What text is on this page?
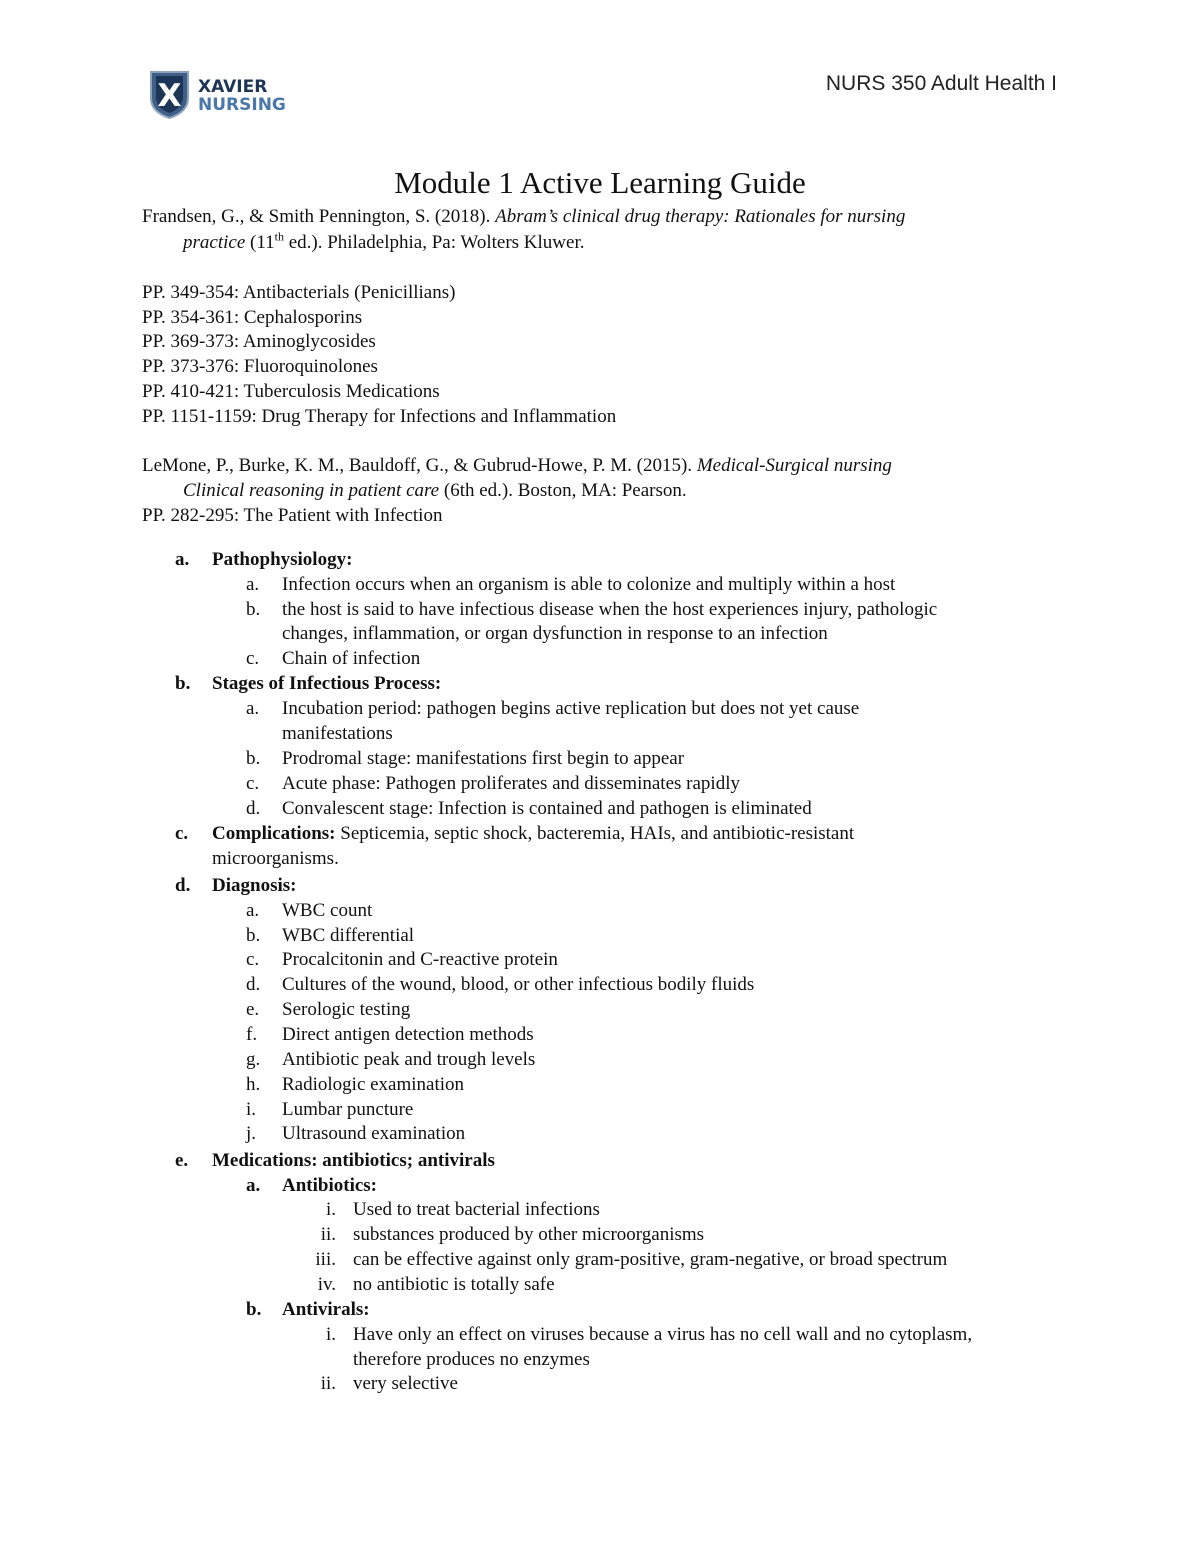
X XAVIER
NURSING
NURS 350 Adult Health I
Module 1 Active Learning Guide
Frandsen, G., & Smith Pennington, S. (2018). Abram’s clinical drug therapy: Rationales for nursing
practice (11th ed.). Philadelphia, Pa: Wolters Kluwer.
PP. 349-354: Antibacterials (Penicillians)
PP. 354-361: Cephalosporins
PP. 369-373: Aminoglycosides
PP. 373-376: Fluoroquinolones
PP. 410-421: Tuberculosis Medications
PP. 1151-1159: Drug Therapy for Infections and Inflammation
LeMone, P., Burke, K. M., Bauldoff, G., & Gubrud-Howe, P. M. (2015). Medical-Surgical nursing
Clinical reasoning in patient care (6th ed.). Boston, MA: Pearson.
PP. 282-295: The Patient with Infection
a. Pathophysiology:
a.	Infection occurs when an organism is able to colonize and multiply within a host
b.	the host is said to have infectious disease when the host experiences injury, pathologic
changes, inflammation, or organ dysfunction in response to an infection
c.	Chain of infection
b. Stages of Infectious Process:
a.	Incubation period: pathogen begins active replication but does not yet cause
manifestations
b.	Prodromal stage: manifestations first begin to appear
c.	Acute phase: Pathogen proliferates and disseminates rapidly
d.	Convalescent stage: Infection is contained and pathogen is eliminated
c. Complications: Septicemia, septic shock, bacteremia, HAIs, and antibiotic-resistant
microorganisms.
d. Diagnosis:
a.	WBC count
b.	WBC differential
c.	Procalcitonin and C-reactive protein
d.	Cultures of the wound, blood, or other infectious bodily fluids
e.	Serologic testing
f.	Direct antigen detection methods
g.	Antibiotic peak and trough levels
h.	Radiologic examination
i.	Lumbar puncture
j.	Ultrasound examination
e. Medications: antibiotics; antivirals
a.	Antibiotics:
i. Used to treat bacterial infections
ii. substances produced by other microorganisms
iii. can be effective against only gram-positive, gram-negative, or broad spectrum
iv. no antibiotic is totally safe
b.	Antivirals:
i. Have only an effect on viruses because a virus has no cell wall and no cytoplasm,
therefore produces no enzymes
ii. very selective
